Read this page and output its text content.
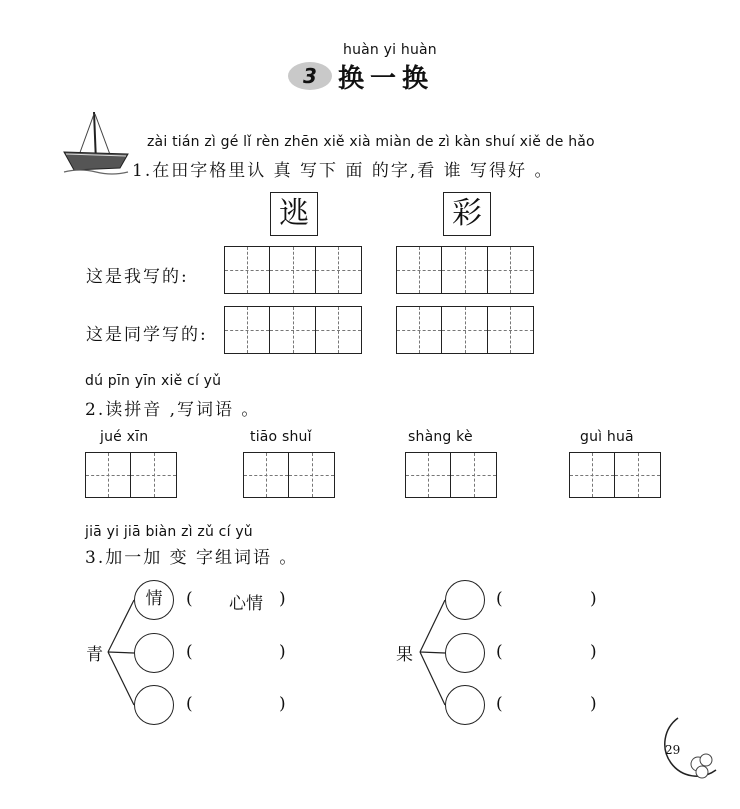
huàn yi huàn
3 换一换
zài tián zì gé lǐ rèn zhēn xiě xià miàn de zì kàn shuí xiě de hǎo
1.在田字格里认 真 写下 面 的字,看 谁 写得好 。
逃	彩
这是我写的:
这是同学写的:
dú pīn yīn xiě cí yǔ
2.读拼音 ,写词语 。
jué xīn	tiāo shuǐ	shàng kè	guì huā
jiā yi jiā biàn zì zǔ cí yǔ
3.加一加 变 字组词语 。
青	果
情	(	心情 )
(	)
(	)
(	)
(	)
(	)
29
